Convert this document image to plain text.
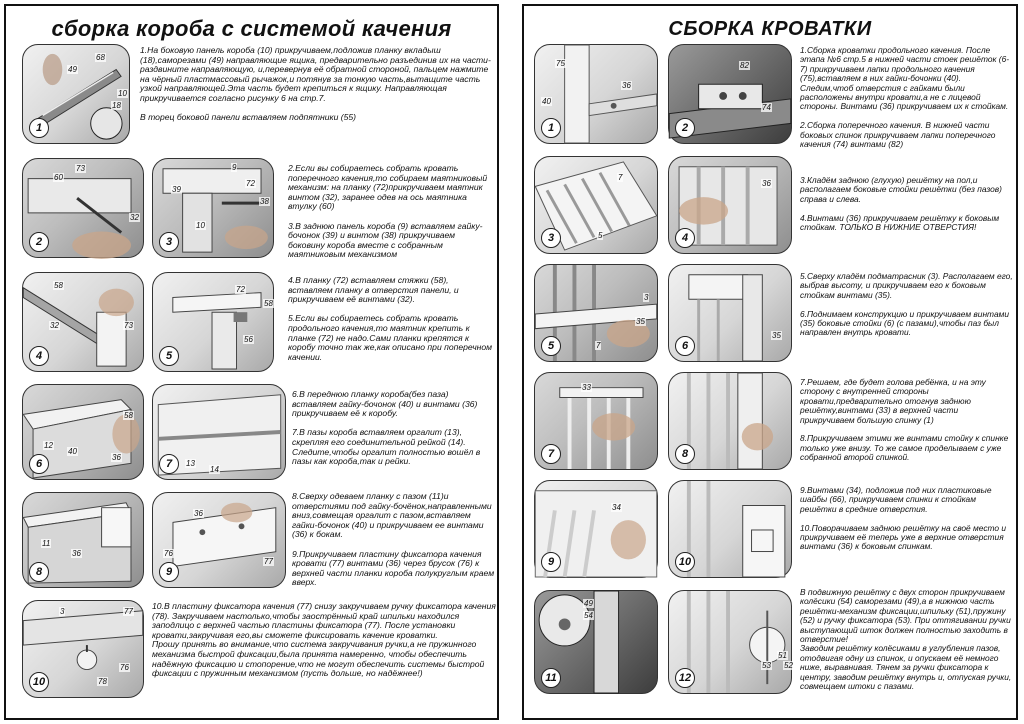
сборка короба с системой качения
68
49
10
18
1
1.На боковую панель короба (10) прикручиваем,подложив планку вкладыш (18),саморезами (49) направляющие ящика, предварительно разъединив их на части-раздвините направляющую, и,перевернув её обратной стороной, пальцем нажмите на чёрный пластмассовый рычажок,и потянув за тонкую часть,вытащите часть узкой направляющей.Эта часть будет крепиться к ящику. Направляющая прикручивается согласно рисунку 6 на стр.7.

В торец боковой панели вставляем подпятники (55)
73
60
32
2
9
39
72
38
10
3
2.Если вы собираетесь собрать кровать поперечного качения,то собираем маятниковый механизм: на планку (72)прикручиваем маятник винтом (32), заранее одев на ось маятника втулку (60)

3.В заднюю панель короба (9) вставляем гайку-бочонок (39) и винтом (38) прикручиваем боковину короба вместе с собранным маятниковым механизмом
58
32	73
4
72
58
56
5
4.В планку (72) вставляем стяжки (58), вставляем планку в отверстия панели, и прикручиваем её винтами (32).

5.Если вы собираетесь собрать кровать продольного качения,то маятник крепить к планке (72) не надо.Сами планки крепятся к коробу точно так же,как описано при поперечном качении.
58
12
40
36
6	13
14
7
6.В переднюю планку короба(без паза) вставляем гайку-бочонок (40) и винтами (36) прикручиваем её к коробу.

7.В пазы короба вставляем оргалит (13), скрепляя его соединительной рейкой (14). Следите,чтобы оргалит полностью вошёл в пазы как короба,так и рейки.
11
36
8
36
76
77
9
8.Сверху одеваем планку с пазом (11)и отверстиями под гайку-бочёнок,направленными вниз,совмещая оргалит с пазом,вставляем гайки-бочонок (40) и прикручиваем ее винтами (36) к бокам.

9.Прикручиваем пластину фиксатора качения кровати (77) винтами (36) через брусок (76) к верхней части планки короба полукруглым краем вверх.
3	77
76
78
10
10.В пластину фиксатора качения (77) снизу закручиваем ручку фиксатора качения (78). Закручиваем настолько,чтобы заострённый край шпильки находился заподлицо с верхней частью пластины фиксатора (77). После установки кровати,закручивая его,вы сможете фиксировать качение кроватки.
Прошу принять во внимание,что система закручивания ручки,а не пружинного механизма быстрой фиксации,была принята намеренно, чтобы обеспечить надёжную фиксацию и стопорение,что не могут обеспечить системы быстрой фиксации с пружинным механизмом (пусть дольше, но надёжнее!)
СБОРКА КРОВАТКИ
75
40
36
1
82
74
2
1.Сборка кроватки продольного качения. После этапа №6 стр.5 в нижней части стоек решёток (6-7) прикручиваем лапки продольного качения (75),вставляем в них гайки-бочонки (40). Следим,чтоб отверстия с гайками были расположены внутри кровати,а не с лицевой стороны. Винтами (36) прикручиваем их к стойкам.

2.Сборка поперечного качения. В нижней части боковых спинок прикручиваем лапки поперечного качения (74) винтами (82)
7
5
3
36
4
3.Кладём заднюю (глухую) решётку на пол,и располагаем боковые стойки решётки (без пазов) справа и слева.

4.Винтами (36) прикручиваем решётку к боковым стойкам. ТОЛЬКО В НИЖНИЕ ОТВЕРСТИЯ!
3
35
7
5
35
6
5.Сверху кладём подматрасник (3). Располагаем его, выбрав высоту, и прикручиваем его к боковым стойкам винтами (35).

6.Поднимаем конструкцию и прикручиваем винтами (35) боковые стойки (6) (с пазами),чтобы паз был направлен внутрь кровати.
33
7	8
7.Решаем, где будет голова ребёнка, и на эту сторону с внутренней стороны кровати,предварительно отогнув заднюю решётку,винтами (33) в верхней части прикручиваем большую спинку (1)

8.Прикручиваем этими же винтами стойку к спинке только уже внизу. То же самое проделываем с уже собранной второй спинкой.
34
9	10
9.Винтами (34), подложив под них пластиковые шайбы (66), прикручиваем спинки к стойкам решётки в средние отверстия.

10.Поворачиваем заднюю решётку на своё место и прикручиваем её теперь уже в верхние отверстия винтами (36) к боковым спинкам.
49
54
11
53
51
52
12
В подвижную решётку с двух сторон прикручиваем колёсики (54) саморезами (49),а в нижнюю часть решётки-механизм фиксации,шпильку (51),пружину (52) и ручку фиксатора (53). При оттягивании ручки выступающий шток должен полностью заходить в отверстие!
Заводим решётку колёсиками в углубления пазов, отодвигая одну из спинок, и опускаем её немного ниже, выравнивая. Тянем за ручки фиксатора к центру, заводим решётку внутрь и, отпуская ручки, совмещаем штоки с пазами.
